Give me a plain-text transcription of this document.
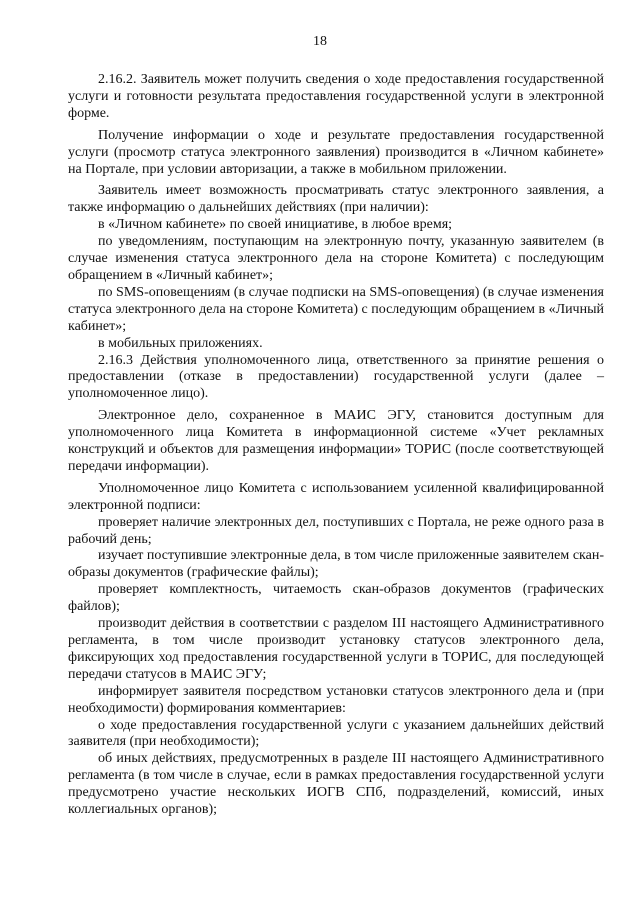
18

2.16.2. Заявитель может получить сведения о ходе предоставления государственной услуги и готовности результата предоставления государственной услуги в электронной форме.

Получение информации о ходе и результате предоставления государственной услуги (просмотр статуса электронного заявления) производится в «Личном кабинете» на Портале, при условии авторизации, а также в мобильном приложении.

Заявитель имеет возможность просматривать статус электронного заявления, а также информацию о дальнейших действиях (при наличии):

в «Личном кабинете» по своей инициативе, в любое время;

по уведомлениям, поступающим на электронную почту, указанную заявителем (в случае изменения статуса электронного дела на стороне Комитета) с последующим обращением в «Личный кабинет»;

по SMS-оповещениям (в случае подписки на SMS-оповещения) (в случае изменения статуса электронного дела на стороне Комитета) с последующим обращением в «Личный кабинет»;

в мобильных приложениях.

2.16.3 Действия уполномоченного лица, ответственного за принятие решения о предоставлении (отказе в предоставлении) государственной услуги (далее – уполномоченное лицо).

Электронное дело, сохраненное в МАИС ЭГУ, становится доступным для уполномоченного лица Комитета в информационной системе «Учет рекламных конструкций и объектов для размещения информации» ТОРИС (после соответствующей передачи информации).

Уполномоченное лицо Комитета с использованием усиленной квалифицированной электронной подписи:

проверяет наличие электронных дел, поступивших с Портала, не реже одного раза в рабочий день;

изучает поступившие электронные дела, в том числе приложенные заявителем скан-образы документов (графические файлы);

проверяет комплектность, читаемость скан-образов документов (графических файлов);

производит действия в соответствии с разделом III настоящего Административного регламента, в том числе производит установку статусов электронного дела, фиксирующих ход предоставления государственной услуги в ТОРИС, для последующей передачи статусов в МАИС ЭГУ;

информирует заявителя посредством установки статусов электронного дела и (при необходимости) формирования комментариев:

о ходе предоставления государственной услуги с указанием дальнейших действий заявителя (при необходимости);

об иных действиях, предусмотренных в разделе III настоящего Административного регламента (в том числе в случае, если в рамках предоставления государственной услуги предусмотрено участие нескольких ИОГВ СПб, подразделений, комиссий, иных коллегиальных органов);
